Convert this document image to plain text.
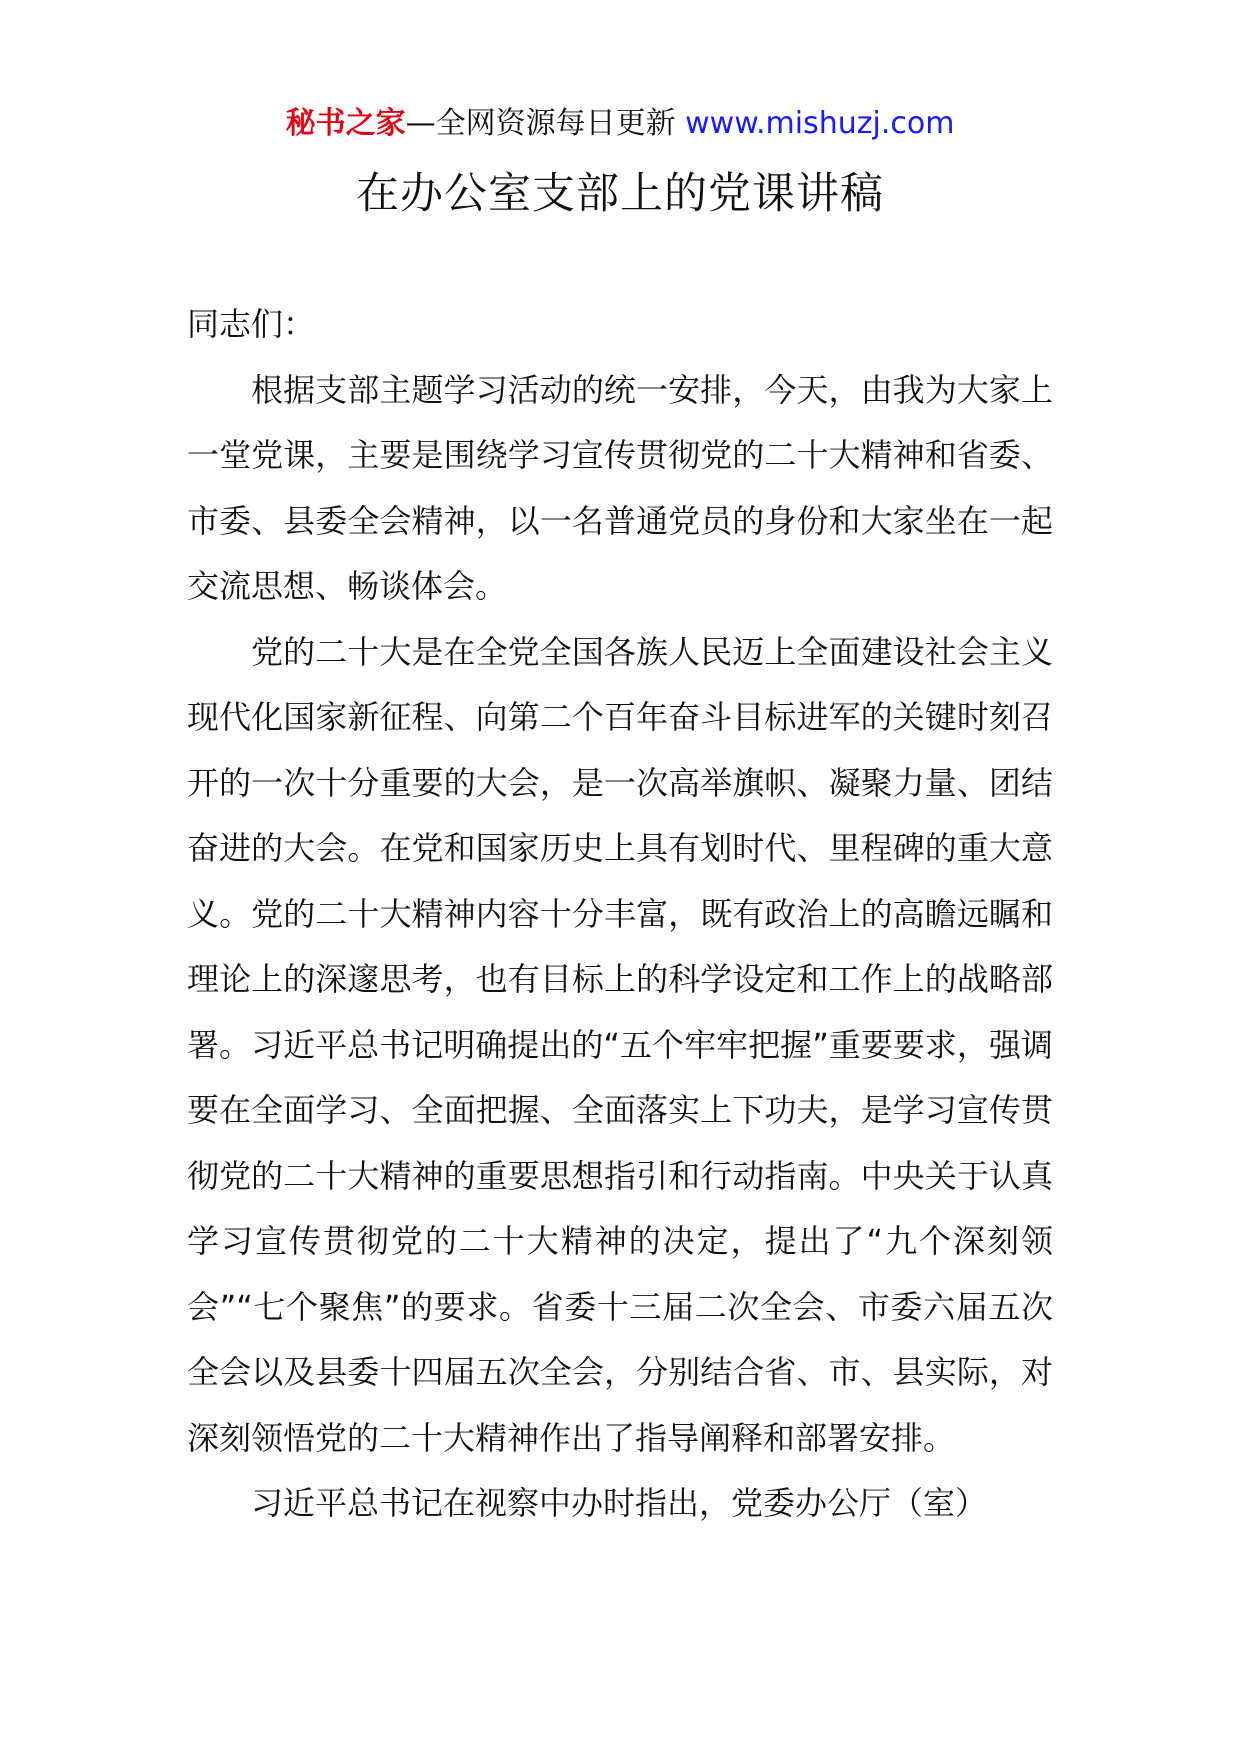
秘书之家—全网资源每日更新 www.mishuzj.com
在办公室支部上的党课讲稿

同志们：

根据支部主题学习活动的统一安排，今天，由我为大家上一堂党课，主要是围绕学习宣传贯彻党的二十大精神和省委、市委、县委全会精神，以一名普通党员的身份和大家坐在一起交流思想、畅谈体会。

党的二十大是在全党全国各族人民迈上全面建设社会主义现代化国家新征程、向第二个百年奋斗目标进军的关键时刻召开的一次十分重要的大会，是一次高举旗帜、凝聚力量、团结奋进的大会。在党和国家历史上具有划时代、里程碑的重大意义。党的二十大精神内容十分丰富，既有政治上的高瞻远瞩和理论上的深邃思考，也有目标上的科学设定和工作上的战略部署。习近平总书记明确提出的“五个牢牢把握”重要要求，强调要在全面学习、全面把握、全面落实上下功夫，是学习宣传贯彻党的二十大精神的重要思想指引和行动指南。中央关于认真学习宣传贯彻党的二十大精神的决定，提出了“九个深刻领会”“七个聚焦”的要求。省委十三届二次全会、市委六届五次全会以及县委十四届五次全会，分别结合省、市、县实际，对深刻领悟党的二十大精神作出了指导阐释和部署安排。

习近平总书记在视察中办时指出，党委办公厅（室）
